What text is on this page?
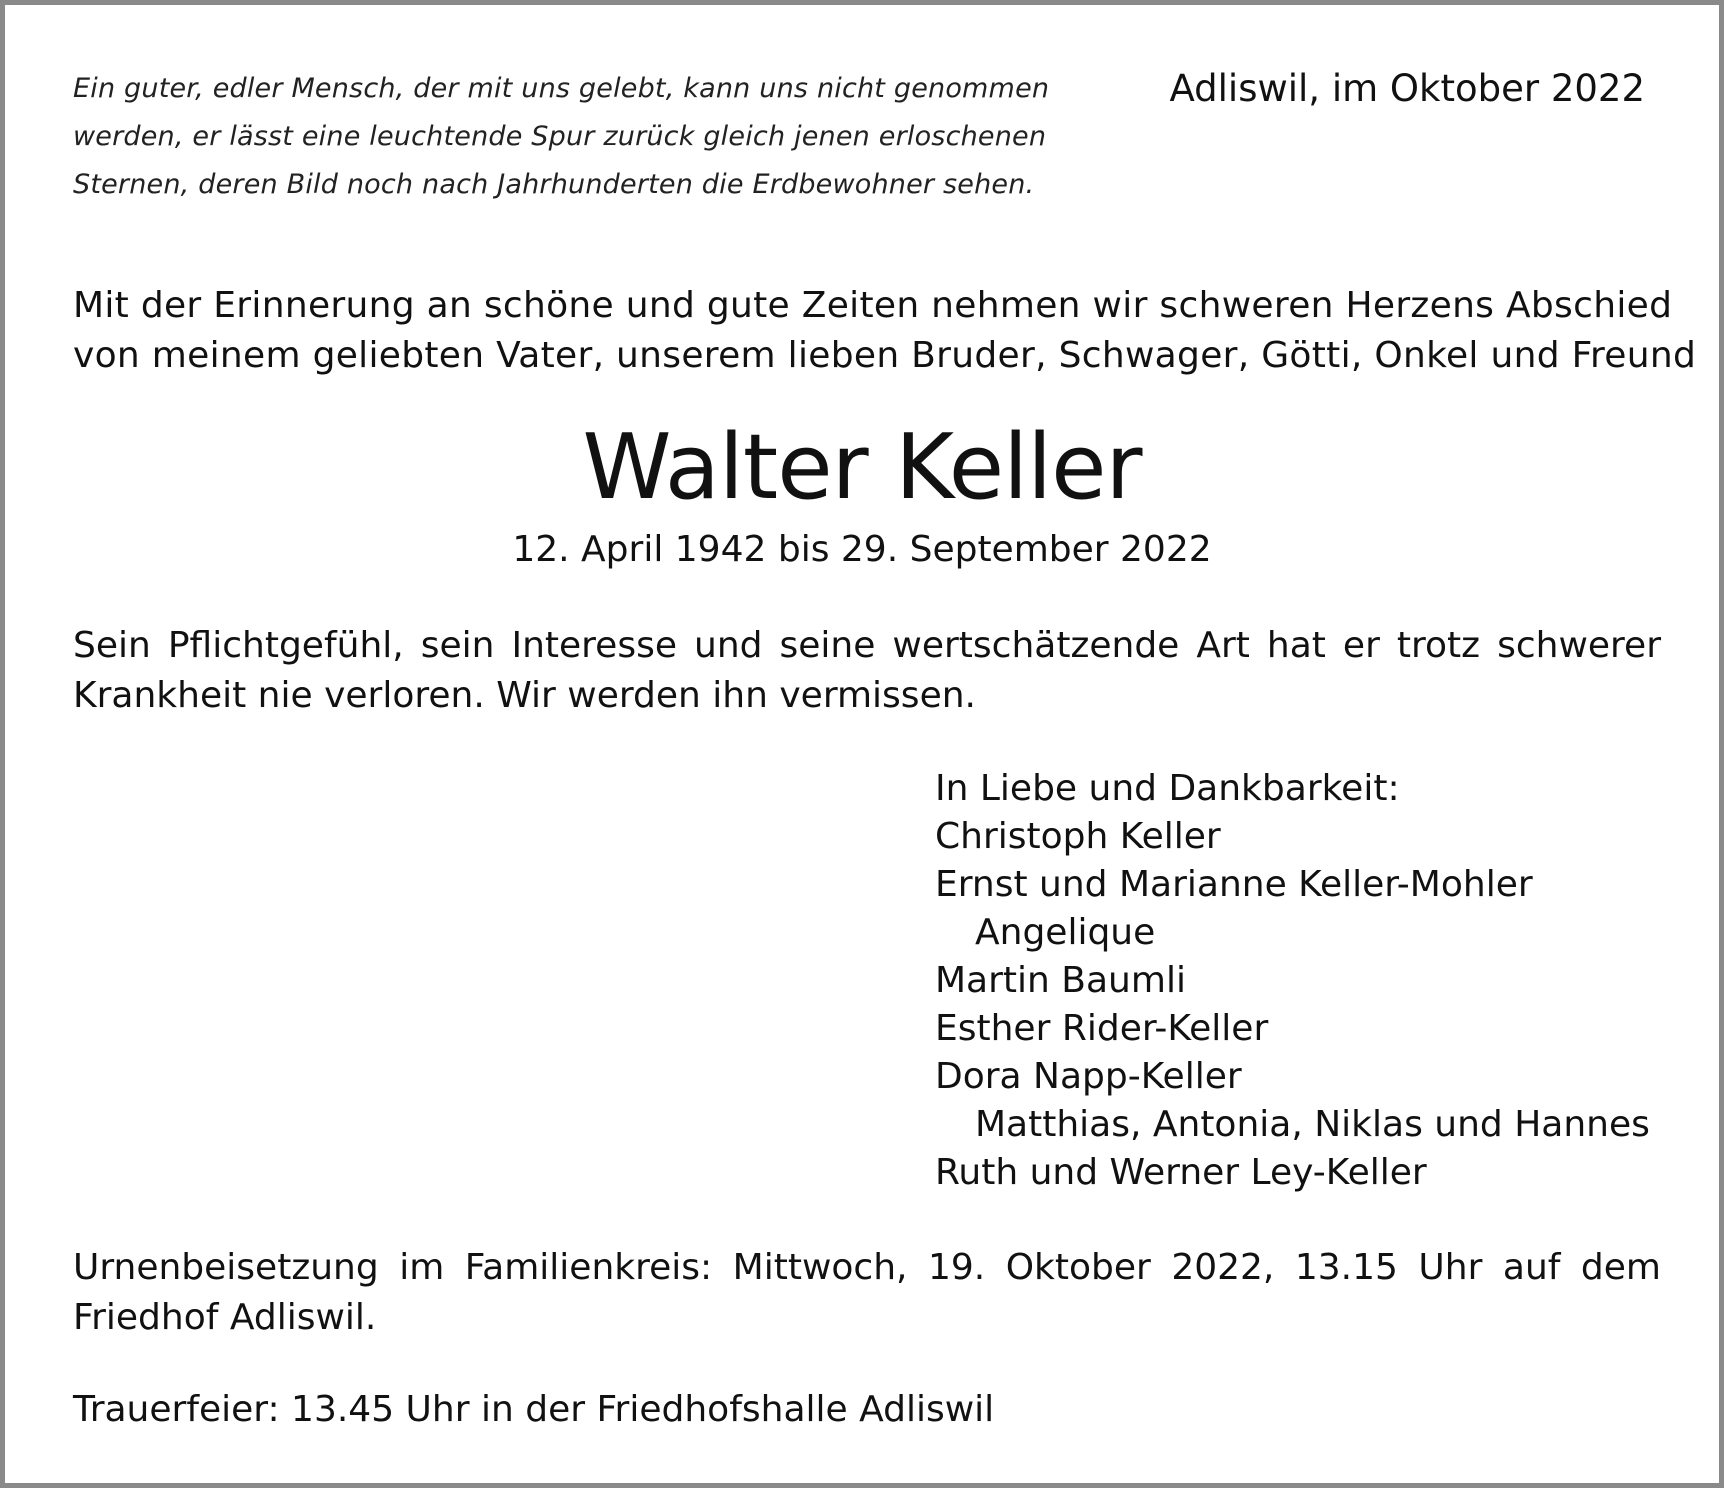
Ein guter, edler Mensch, der mit uns gelebt, kann uns nicht genommen
werden, er lässt eine leuchtende Spur zurück gleich jenen erloschenen
Sternen, deren Bild noch nach Jahrhunderten die Erdbewohner sehen.
Adliswil, im Oktober 2022
Mit der Erinnerung an schöne und gute Zeiten nehmen wir schweren Herzens Abschied
von meinem geliebten Vater, unserem lieben Bruder, Schwager, Götti, Onkel und Freund
Walter Keller
12. April 1942 bis 29. September 2022
Sein Pflichtgefühl, sein Interesse und seine wertschätzende Art hat er trotz schwerer
Krankheit nie verloren. Wir werden ihn vermissen.
In Liebe und Dankbarkeit:
Christoph Keller
Ernst und Marianne Keller-Mohler
Angelique
Martin Baumli
Esther Rider-Keller
Dora Napp-Keller
Matthias, Antonia, Niklas und Hannes
Ruth und Werner Ley-Keller
Urnenbeisetzung im Familienkreis: Mittwoch, 19. Oktober 2022, 13.15 Uhr auf dem
Friedhof Adliswil.
Trauerfeier: 13.45 Uhr in der Friedhofshalle Adliswil
